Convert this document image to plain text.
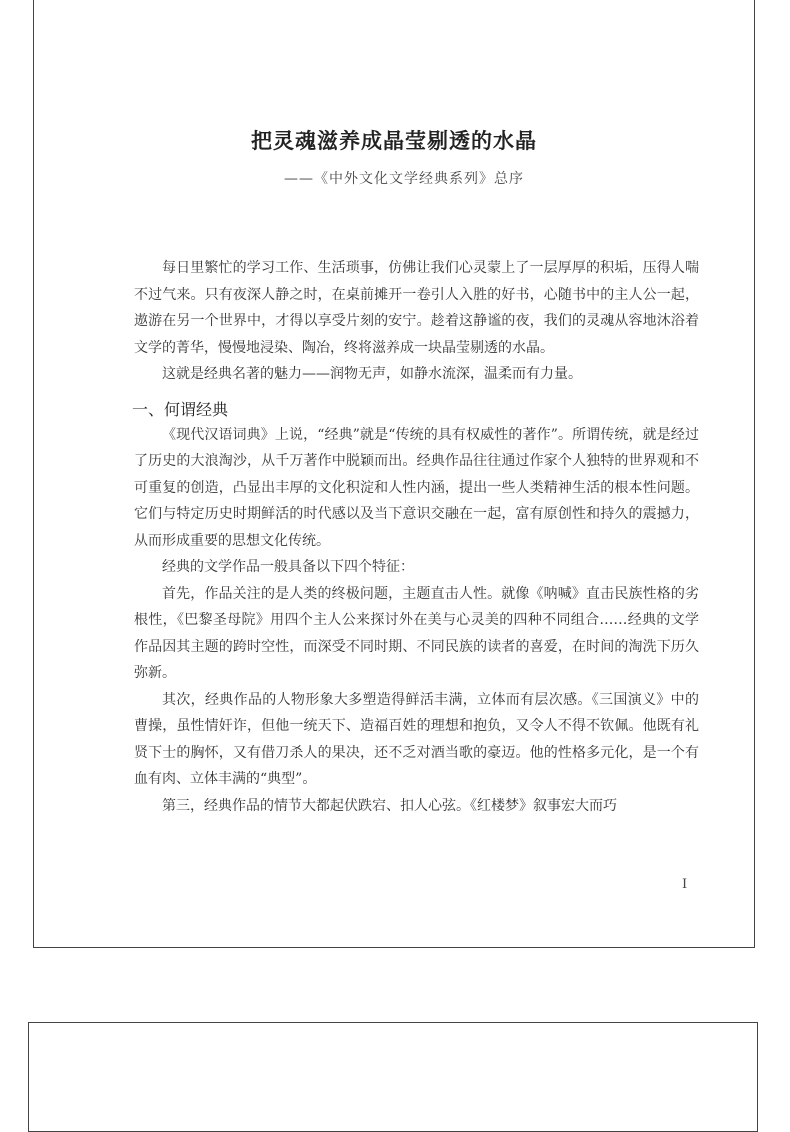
把灵魂滋养成晶莹剔透的水晶
——《中外文化文学经典系列》总序

每日里繁忙的学习工作、生活琐事，仿佛让我们心灵蒙上了一层厚厚的积垢，压得人喘不过气来。只有夜深人静之时，在桌前摊开一卷引人入胜的好书，心随书中的主人公一起，遨游在另一个世界中，才得以享受片刻的安宁。趁着这静谧的夜，我们的灵魂从容地沐浴着文学的菁华，慢慢地浸染、陶冶，终将滋养成一块晶莹剔透的水晶。

这就是经典名著的魅力——润物无声，如静水流深，温柔而有力量。

一、何谓经典

《现代汉语词典》上说，“经典”就是“传统的具有权威性的著作”。所谓传统，就是经过了历史的大浪淘沙，从千万著作中脱颖而出。经典作品往往通过作家个人独特的世界观和不可重复的创造，凸显出丰厚的文化积淀和人性内涵，提出一些人类精神生活的根本性问题。它们与特定历史时期鲜活的时代感以及当下意识交融在一起，富有原创性和持久的震撼力，从而形成重要的思想文化传统。

经典的文学作品一般具备以下四个特征：

首先，作品关注的是人类的终极问题，主题直击人性。就像《呐喊》直击民族性格的劣根性，《巴黎圣母院》用四个主人公来探讨外在美与心灵美的四种不同组合……经典的文学作品因其主题的跨时空性，而深受不同时期、不同民族的读者的喜爱，在时间的淘洗下历久弥新。

其次，经典作品的人物形象大多塑造得鲜活丰满，立体而有层次感。《三国演义》中的曹操，虽性情奸诈，但他一统天下、造福百姓的理想和抱负，又令人不得不钦佩。他既有礼贤下士的胸怀，又有借刀杀人的果决，还不乏对酒当歌的豪迈。他的性格多元化，是一个有血有肉、立体丰满的“典型”。

第三，经典作品的情节大都起伏跌宕、扣人心弦。《红楼梦》叙事宏大而巧

I
